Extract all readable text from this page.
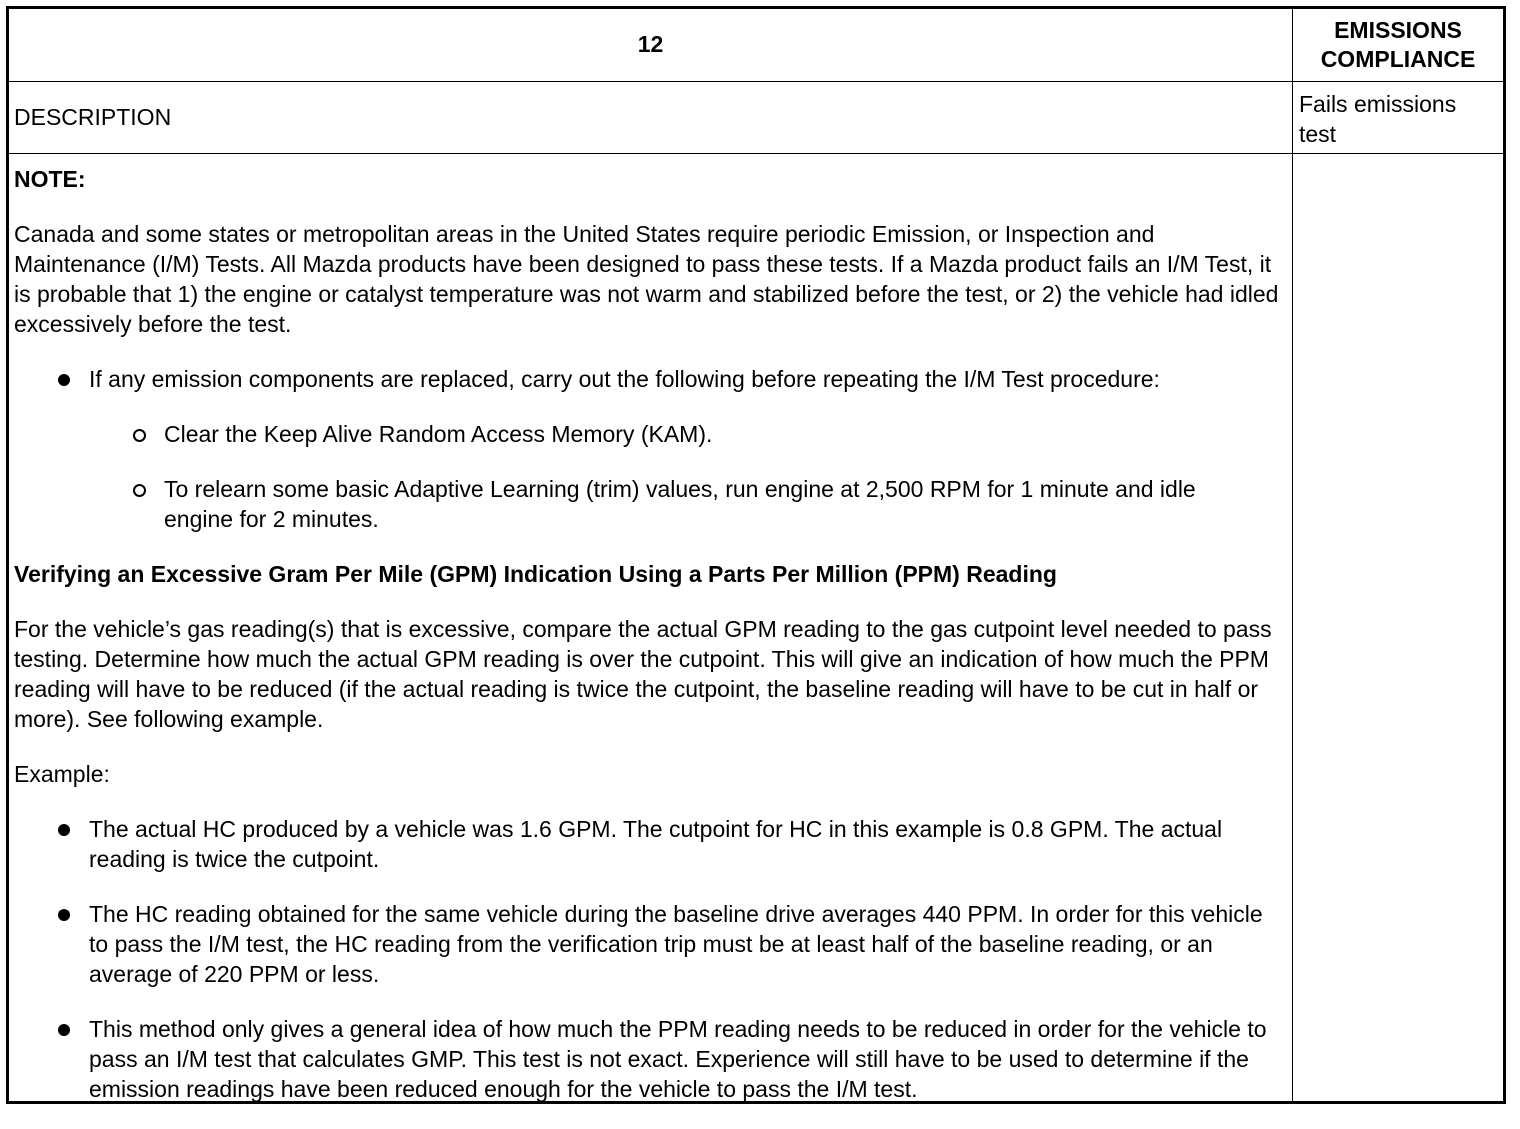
12
EMISSIONS
COMPLIANCE
DESCRIPTION	Fails emissions test

NOTE:

Canada and some states or metropolitan areas in the United States require periodic Emission, or Inspection and Maintenance (I/M) Tests. All Mazda products have been designed to pass these tests. If a Mazda product fails an I/M Test, it is probable that 1) the engine or catalyst temperature was not warm and stabilized before the test, or 2) the vehicle had idled excessively before the test.

If any emission components are replaced, carry out the following before repeating the I/M Test procedure:
Clear the Keep Alive Random Access Memory (KAM).
To relearn some basic Adaptive Learning (trim) values, run engine at 2,500 RPM for 1 minute and idle engine for 2 minutes.

Verifying an Excessive Gram Per Mile (GPM) Indication Using a Parts Per Million (PPM) Reading

For the vehicle’s gas reading(s) that is excessive, compare the actual GPM reading to the gas cutpoint level needed to pass testing. Determine how much the actual GPM reading is over the cutpoint. This will give an indication of how much the PPM reading will have to be reduced (if the actual reading is twice the cutpoint, the baseline reading will have to be cut in half or more). See following example.

Example:

The actual HC produced by a vehicle was 1.6 GPM. The cutpoint for HC in this example is 0.8 GPM. The actual reading is twice the cutpoint.
The HC reading obtained for the same vehicle during the baseline drive averages 440 PPM. In order for this vehicle to pass the I/M test, the HC reading from the verification trip must be at least half of the baseline reading, or an average of 220 PPM or less.
This method only gives a general idea of how much the PPM reading needs to be reduced in order for the vehicle to pass an I/M test that calculates GMP. This test is not exact. Experience will still have to be used to determine if the emission readings have been reduced enough for the vehicle to pass the I/M test.
